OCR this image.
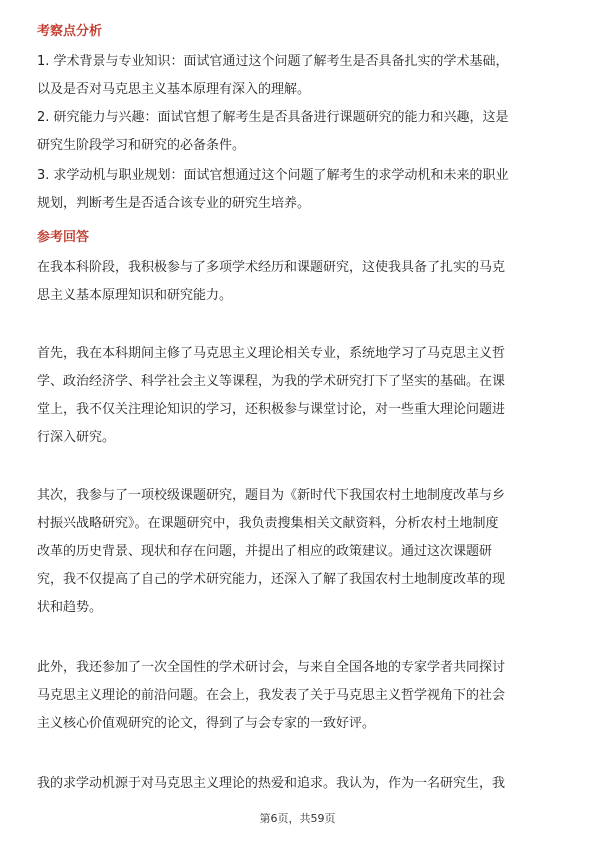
考察点分析
1. 学术背景与专业知识：面试官通过这个问题了解考生是否具备扎实的学术基础，
以及是否对马克思主义基本原理有深入的理解。
2. 研究能力与兴趣：面试官想了解考生是否具备进行课题研究的能力和兴趣，这是
研究生阶段学习和研究的必备条件。
3. 求学动机与职业规划：面试官想通过这个问题了解考生的求学动机和未来的职业
规划，判断考生是否适合该专业的研究生培养。
参考回答
在我本科阶段，我积极参与了多项学术经历和课题研究，这使我具备了扎实的马克
思主义基本原理知识和研究能力。
首先，我在本科期间主修了马克思主义理论相关专业，系统地学习了马克思主义哲
学、政治经济学、科学社会主义等课程，为我的学术研究打下了坚实的基础。在课
堂上，我不仅关注理论知识的学习，还积极参与课堂讨论，对一些重大理论问题进
行深入研究。
其次，我参与了一项校级课题研究，题目为《新时代下我国农村土地制度改革与乡
村振兴战略研究》。在课题研究中，我负责搜集相关文献资料，分析农村土地制度
改革的历史背景、现状和存在问题，并提出了相应的政策建议。通过这次课题研
究，我不仅提高了自己的学术研究能力，还深入了解了我国农村土地制度改革的现
状和趋势。
此外，我还参加了一次全国性的学术研讨会，与来自全国各地的专家学者共同探讨
马克思主义理论的前沿问题。在会上，我发表了关于马克思主义哲学视角下的社会
主义核心价值观研究的论文，得到了与会专家的一致好评。
我的求学动机源于对马克思主义理论的热爱和追求。我认为，作为一名研究生，我
第6页，共59页
